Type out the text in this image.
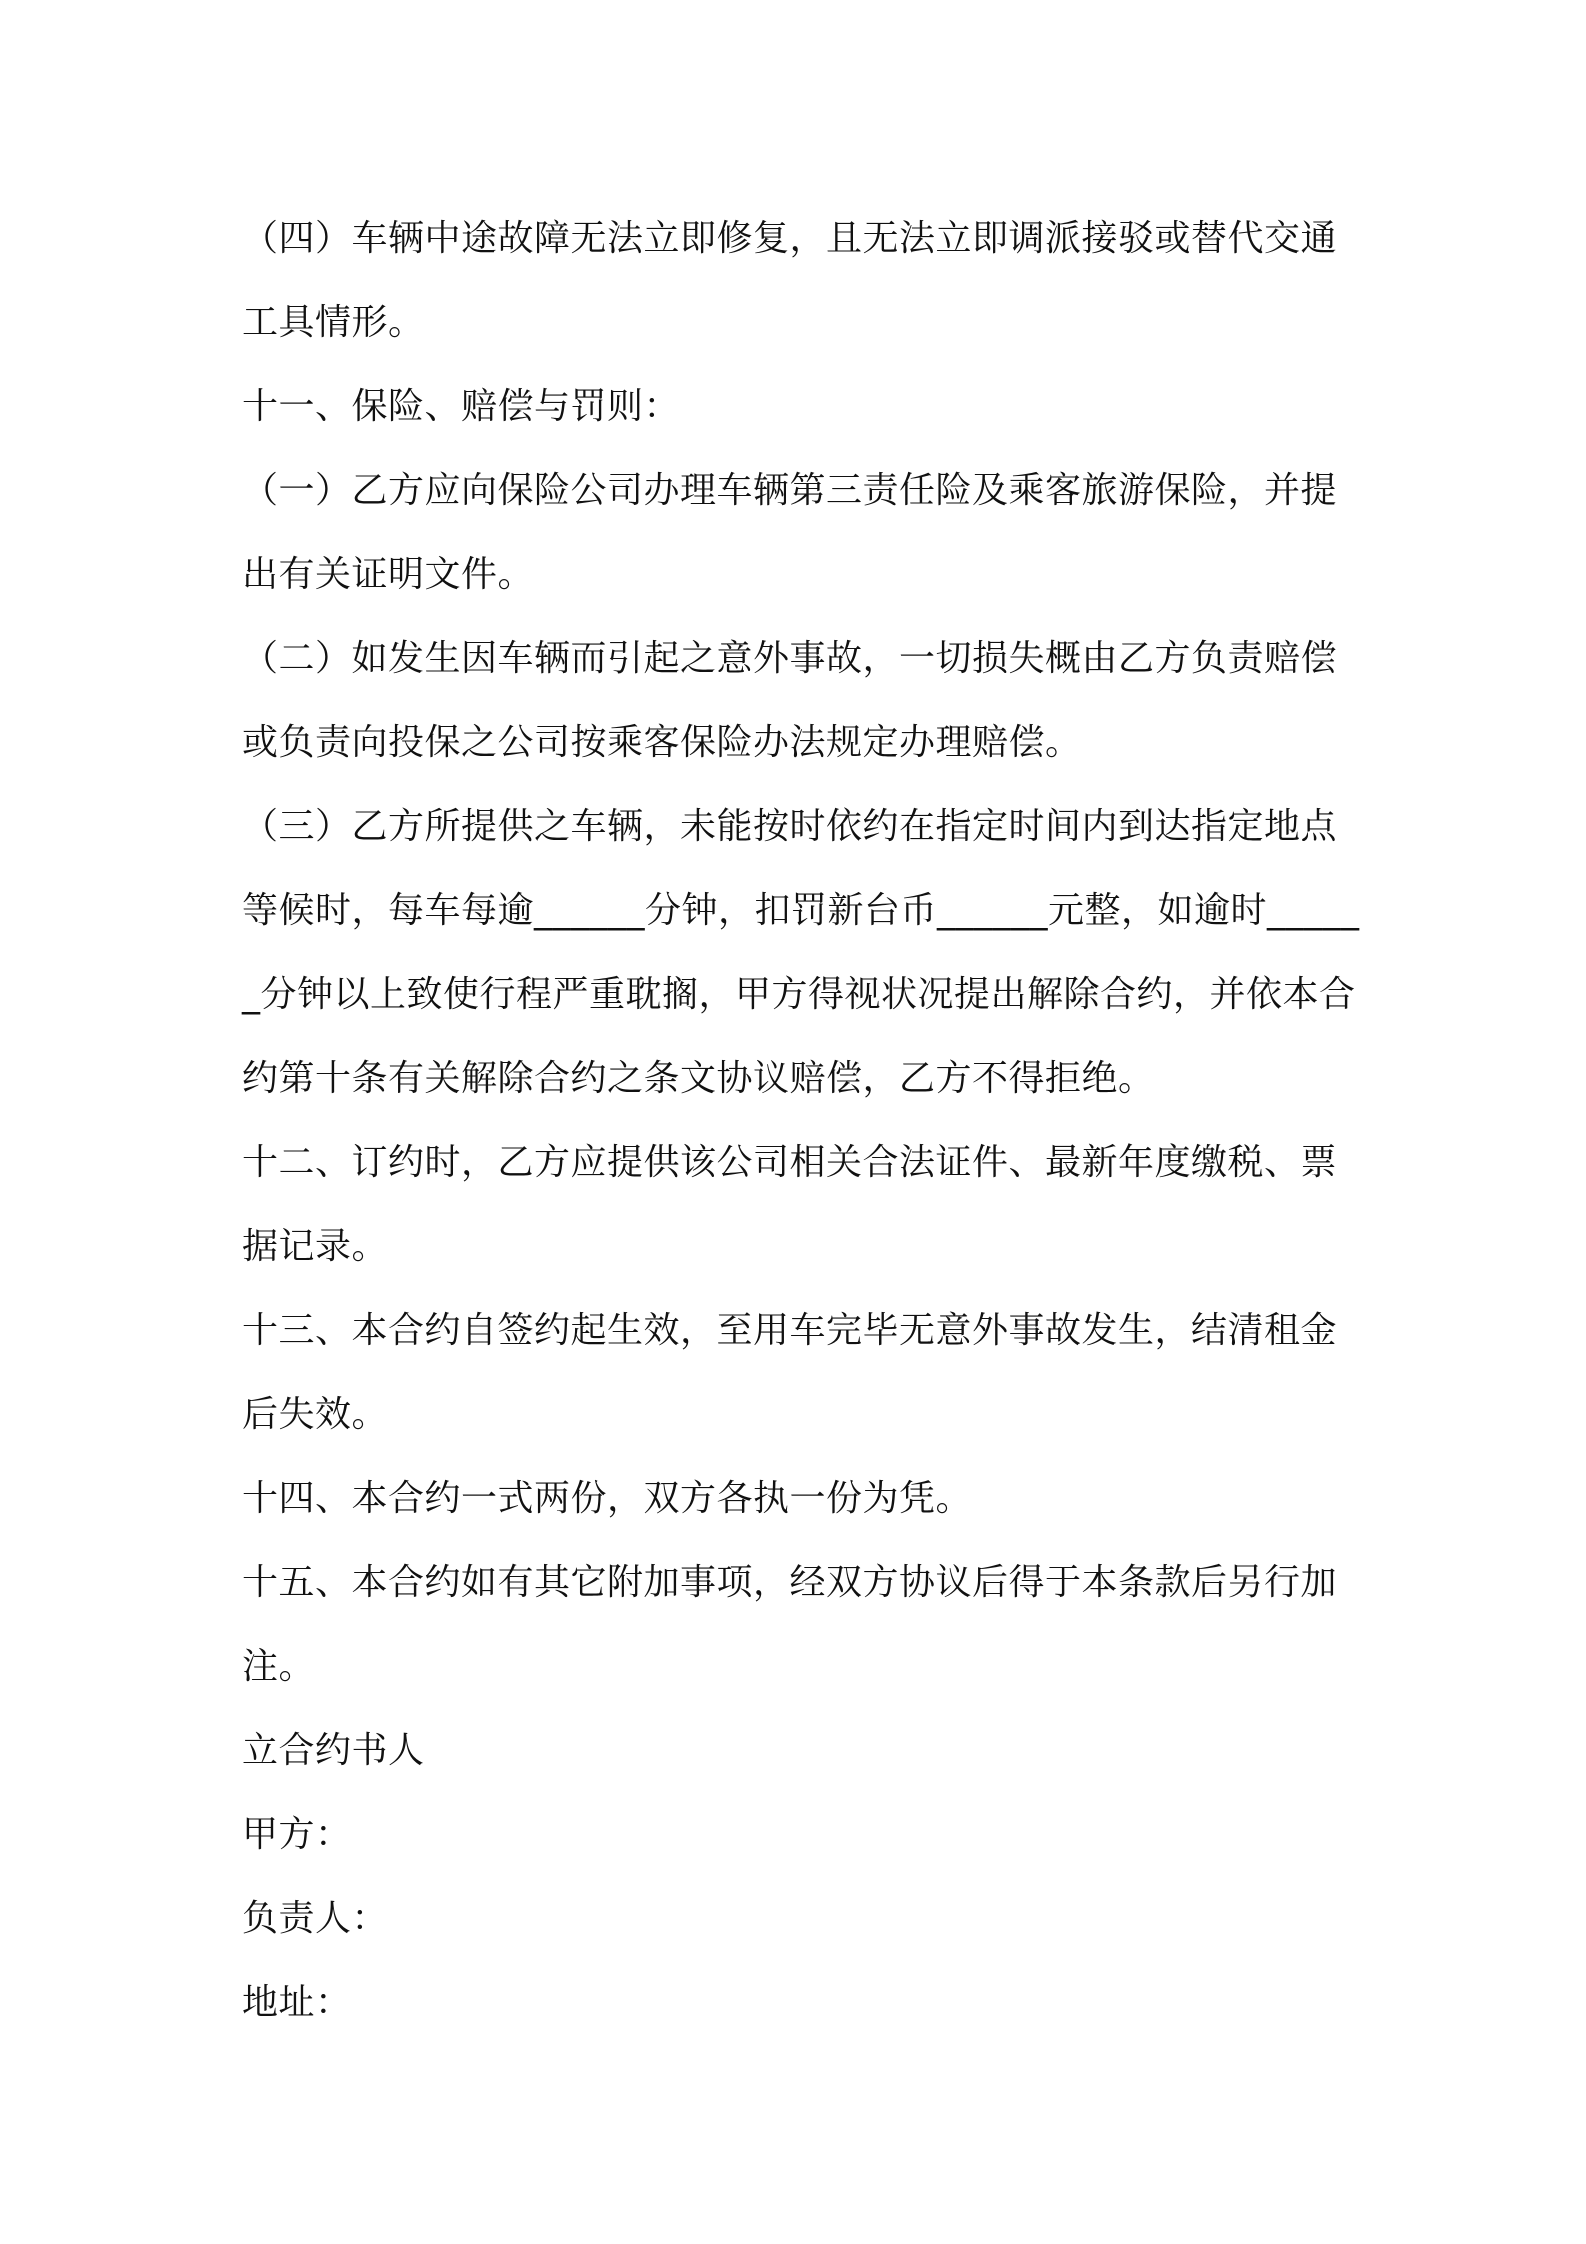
（四）车辆中途故障无法立即修复，且无法立即调派接驳或替代交通工具情形。

十一、保险、赔偿与罚则：

（一）乙方应向保险公司办理车辆第三责任险及乘客旅游保险，并提出有关证明文件。

（二）如发生因车辆而引起之意外事故，一切损失概由乙方负责赔偿或负责向投保之公司按乘客保险办法规定办理赔偿。

（三）乙方所提供之车辆，未能按时依约在指定时间内到达指定地点等候时，每车每逾______分钟，扣罚新台币______元整，如逾时______分钟以上致使行程严重耽搁，甲方得视状况提出解除合约，并依本合约第十条有关解除合约之条文协议赔偿，乙方不得拒绝。

十二、订约时，乙方应提供该公司相关合法证件、最新年度缴税、票据记录。

十三、本合约自签约起生效，至用车完毕无意外事故发生，结清租金后失效。

十四、本合约一式两份，双方各执一份为凭。

十五、本合约如有其它附加事项，经双方协议后得于本条款后另行加注。

立合约书人

甲方：

负责人：

地址：
